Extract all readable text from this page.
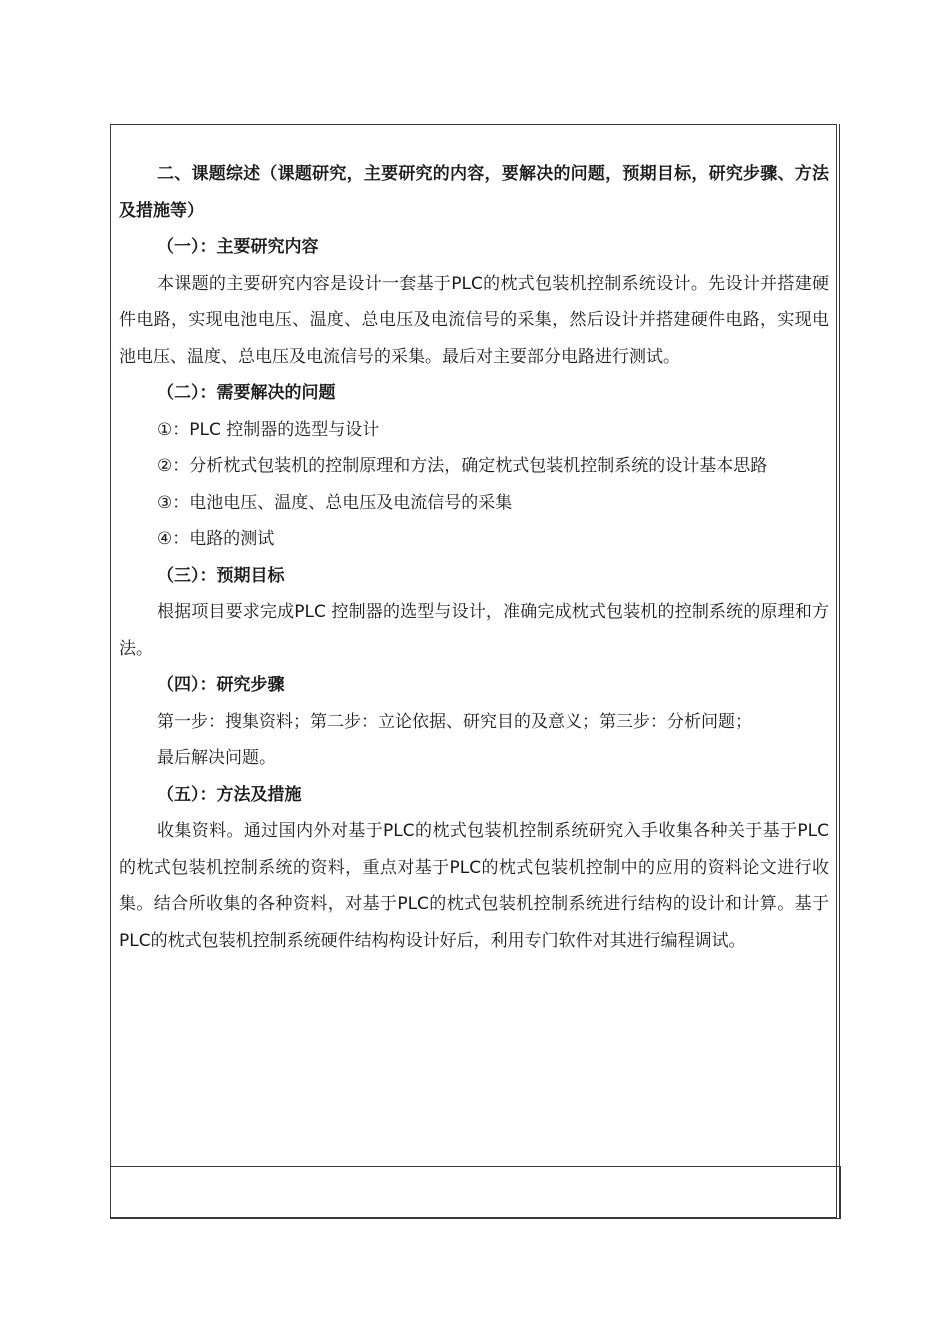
二、课题综述（课题研究，主要研究的内容，要解决的问题，预期目标，研究步骤、方法及措施等）

（一）：主要研究内容

本课题的主要研究内容是设计一套基于PLC的枕式包装机控制系统设计。先设计并搭建硬件电路，实现电池电压、温度、总电压及电流信号的采集，然后设计并搭建硬件电路，实现电池电压、温度、总电压及电流信号的采集。最后对主要部分电路进行测试。

（二）：需要解决的问题

①：PLC 控制器的选型与设计

②：分析枕式包装机的控制原理和方法，确定枕式包装机控制系统的设计基本思路

③：电池电压、温度、总电压及电流信号的采集

④：电路的测试

（三）：预期目标

根据项目要求完成PLC 控制器的选型与设计，准确完成枕式包装机的控制系统的原理和方法。

（四）：研究步骤

第一步：搜集资料；第二步：立论依据、研究目的及意义；第三步：分析问题；

最后解决问题。

（五）：方法及措施

收集资料。通过国内外对基于PLC的枕式包装机控制系统研究入手收集各种关于基于PLC的枕式包装机控制系统的资料，重点对基于PLC的枕式包装机控制中的应用的资料论文进行收集。结合所收集的各种资料，对基于PLC的枕式包装机控制系统进行结构的设计和计算。基于PLC的枕式包装机控制系统硬件结构构设计好后，利用专门软件对其进行编程调试。
